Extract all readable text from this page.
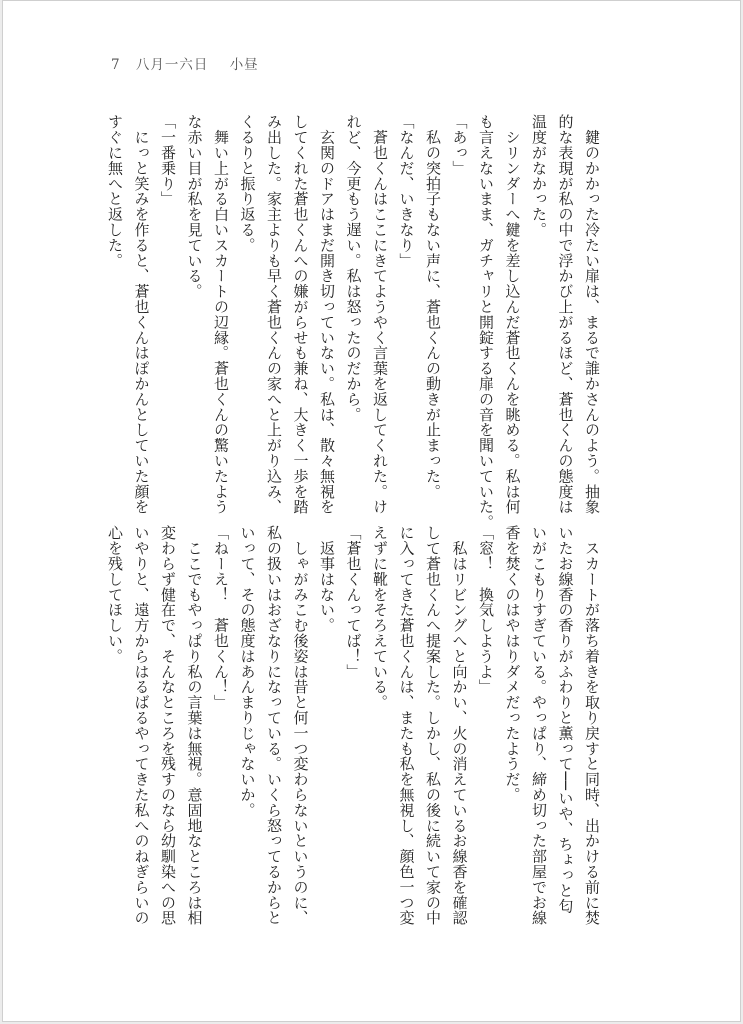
7 八月一六日 小昼
　鍵のかかった冷たい扉は、まるで誰かさんのよう。抽象
的な表現が私の中で浮かび上がるほど、蒼也くんの態度は
温度がなかった。
　シリンダーへ鍵を差し込んだ蒼也くんを眺める。私は何
も言えないまま、ガチャリと開錠する扉の音を聞いていた。
「あっ」
　私の突拍子もない声に、蒼也くんの動きが止まった。
「なんだ、いきなり」
　蒼也くんはここにきてようやく言葉を返してくれた。け
れど、今更もう遅い。私は怒ったのだから。
　玄関のドアはまだ開き切っていない。私は、散々無視を
してくれた蒼也くんへの嫌がらせも兼ね、大きく一歩を踏
み出した。家主よりも早く蒼也くんの家へと上がり込み、
くるりと振り返る。
　舞い上がる白いスカートの辺縁。蒼也くんの驚いたよう
な赤い目が私を見ている。
「一番乗り」
　にっと笑みを作ると、蒼也くんはぽかんとしていた顔を
すぐに無へと返した。
　スカートが落ち着きを取り戻すと同時、出かける前に焚
いたお線香の香りがふわりと薫って──いや、ちょっと匂
いがこもりすぎている。やっぱり、締め切った部屋でお線
香を焚くのはやはりダメだったようだ。
「窓！　換気しようよ」
　私はリビングへと向かい、火の消えているお線香を確認
して蒼也くんへ提案した。しかし、私の後に続いて家の中
に入ってきた蒼也くんは、またも私を無視し、顔色一つ変
えずに靴をそろえている。
「蒼也くんってば！」
　返事はない。
　しゃがみこむ後姿は昔と何一つ変わらないというのに、
私の扱いはおざなりになっている。いくら怒ってるからと
いって、その態度はあんまりじゃないか。
「ねーえ！　蒼也くん！」
　ここでもやっぱり私の言葉は無視。意固地なところは相
変わらず健在で、そんなところを残すのなら幼馴染への思
いやりと、遠方からはるばるやってきた私へのねぎらいの
心を残してほしい。
